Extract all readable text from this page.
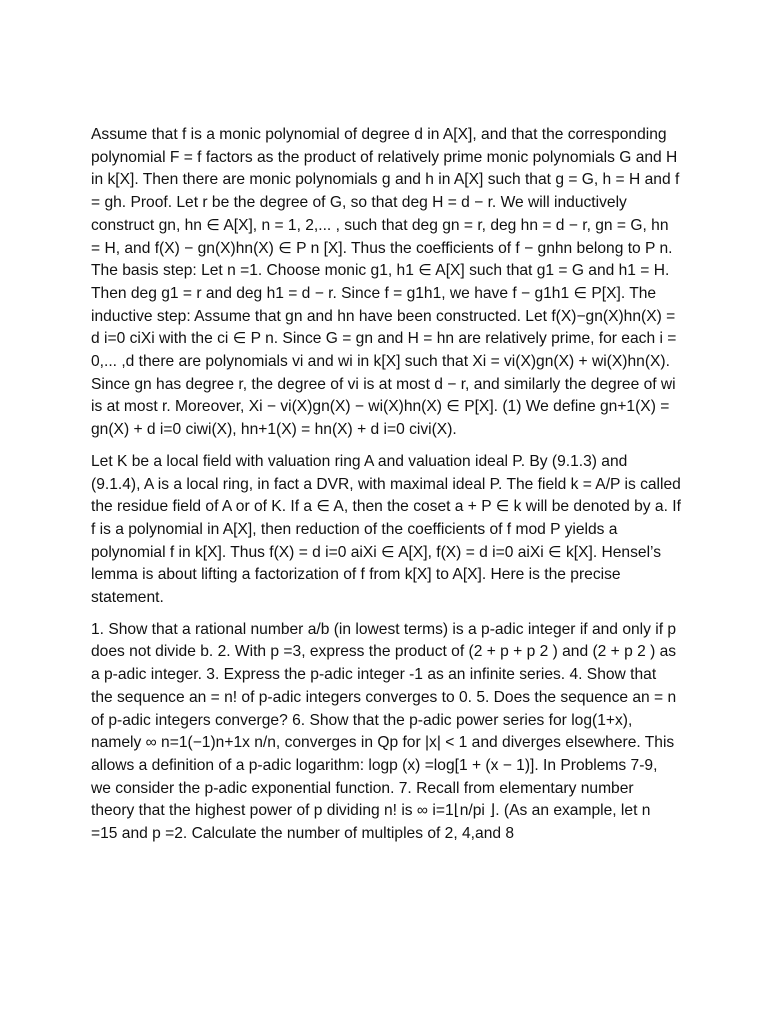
Assume that f is a monic polynomial of degree d in A[X], and that the corresponding polynomial F = f factors as the product of relatively prime monic polynomials G and H in k[X]. Then there are monic polynomials g and h in A[X] such that g = G, h = H and f = gh. Proof. Let r be the degree of G, so that deg H = d − r. We will inductively construct gn, hn ∈ A[X], n = 1, 2,... , such that deg gn = r, deg hn = d − r, gn = G, hn = H, and f(X) − gn(X)hn(X) ∈ P n [X]. Thus the coefficients of f − gnhn belong to P n. The basis step: Let n =1. Choose monic g1, h1 ∈ A[X] such that g1 = G and h1 = H. Then deg g1 = r and deg h1 = d − r. Since f = g1h1, we have f − g1h1 ∈ P[X]. The inductive step: Assume that gn and hn have been constructed. Let f(X)−gn(X)hn(X) = d i=0 ciXi with the ci ∈ P n. Since G = gn and H = hn are relatively prime, for each i = 0,... ,d there are polynomials vi and wi in k[X] such that Xi = vi(X)gn(X) + wi(X)hn(X). Since gn has degree r, the degree of vi is at most d − r, and similarly the degree of wi is at most r. Moreover, Xi − vi(X)gn(X) − wi(X)hn(X) ∈ P[X]. (1) We define gn+1(X) = gn(X) + d i=0 ciwi(X), hn+1(X) = hn(X) + d i=0 civi(X).

Let K be a local field with valuation ring A and valuation ideal P. By (9.1.3) and (9.1.4), A is a local ring, in fact a DVR, with maximal ideal P. The field k = A/P is called the residue field of A or of K. If a ∈ A, then the coset a + P ∈ k will be denoted by a. If f is a polynomial in A[X], then reduction of the coefficients of f mod P yields a polynomial f in k[X]. Thus f(X) = d i=0 aiXi ∈ A[X], f(X) = d i=0 aiXi ∈ k[X]. Hensel’s lemma is about lifting a factorization of f from k[X] to A[X]. Here is the precise statement.

1. Show that a rational number a/b (in lowest terms) is a p-adic integer if and only if p does not divide b. 2. With p =3, express the product of (2 + p + p 2 ) and (2 + p 2 ) as a p-adic integer. 3. Express the p-adic integer -1 as an infinite series. 4. Show that the sequence an = n! of p-adic integers converges to 0. 5. Does the sequence an = n of p-adic integers converge? 6. Show that the p-adic power series for log(1+x), namely ∞ n=1(−1)n+1x n/n, converges in Qp for |x| < 1 and diverges elsewhere. This allows a definition of a p-adic logarithm: logp (x) =log[1 + (x − 1)]. In Problems 7-9, we consider the p-adic exponential function. 7. Recall from elementary number theory that the highest power of p dividing n! is ∞ i=1⌊n/pi ⌋. (As an example, let n =15 and p =2. Calculate the number of multiples of 2, 4,and 8
